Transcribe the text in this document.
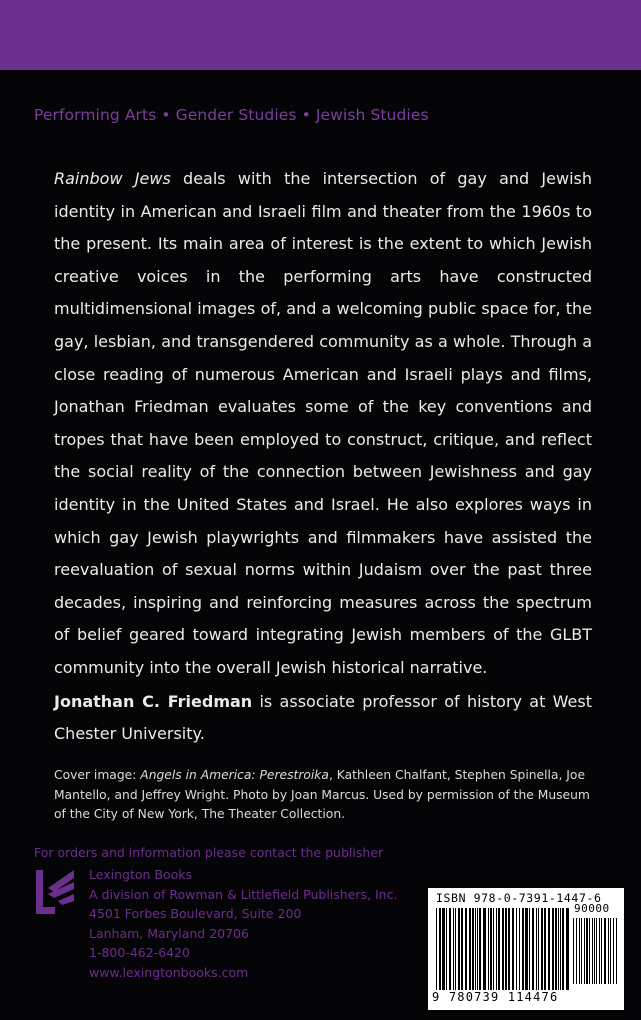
Performing Arts • Gender Studies • Jewish Studies
Rainbow Jews deals with the intersection of gay and Jewish identity in American and Israeli film and theater from the 1960s to the present. Its main area of interest is the extent to which Jewish creative voices in the performing arts have constructed multidimensional images of, and a welcoming public space for, the gay, lesbian, and transgendered community as a whole. Through a close reading of numerous American and Israeli plays and films, Jonathan Friedman evaluates some of the key conventions and tropes that have been employed to construct, critique, and reflect the social reality of the connection between Jewishness and gay identity in the United States and Israel. He also explores ways in which gay Jewish playwrights and filmmakers have assisted the reevaluation of sexual norms within Judaism over the past three decades, inspiring and reinforcing measures across the spectrum of belief geared toward integrating Jewish members of the GLBT community into the overall Jewish historical narrative.
Jonathan C. Friedman is associate professor of history at West Chester University.
Cover image: Angels in America: Perestroika, Kathleen Chalfant, Stephen Spinella, Joe Mantello, and Jeffrey Wright. Photo by Joan Marcus. Used by permission of the Museum of the City of New York, The Theater Collection.
For orders and information please contact the publisher
Lexington Books
A division of Rowman & Littlefield Publishers, Inc.
4501 Forbes Boulevard, Suite 200
Lanham, Maryland 20706
1-800-462-6420
www.lexingtonbooks.com
ISBN 978-0-7391-1447-6
90000
9 780739 114476
